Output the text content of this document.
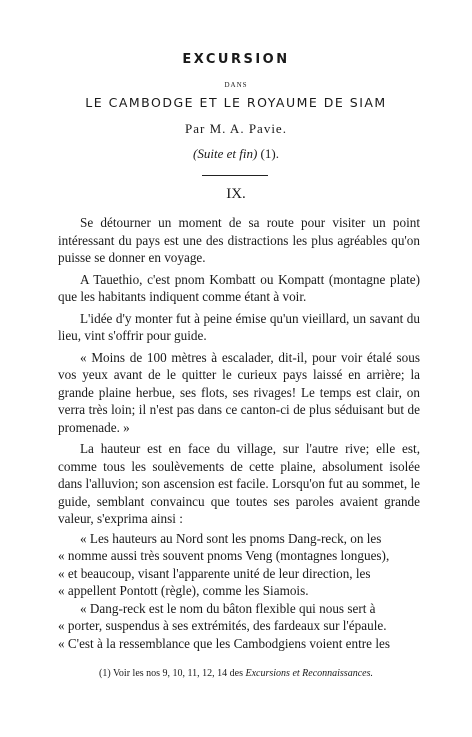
EXCURSION
DANS
LE CAMBODGE ET LE ROYAUME DE SIAM
Par M. A. Pavie.
(Suite et fin) (1).
IX.

Se détourner un moment de sa route pour visiter un point intéressant du pays est une des distractions les plus agréables qu'on puisse se donner en voyage.

A Tauethio, c'est pnom Kombatt ou Kompatt (montagne plate) que les habitants indiquent comme étant à voir.

L'idée d'y monter fut à peine émise qu'un vieillard, un savant du lieu, vint s'offrir pour guide.

« Moins de 100 mètres à escalader, dit-il, pour voir étalé sous vos yeux avant de le quitter le curieux pays laissé en arrière; la grande plaine herbue, ses flots, ses rivages! Le temps est clair, on verra très loin; il n'est pas dans ce canton-ci de plus séduisant but de promenade. »

La hauteur est en face du village, sur l'autre rive; elle est, comme tous les soulèvements de cette plaine, absolument isolée dans l'alluvion; son ascension est facile. Lorsqu'on fut au sommet, le guide, semblant convaincu que toutes ses paroles avaient grande valeur, s'exprima ainsi :

« Les hauteurs au Nord sont les pnoms Dang-reck, on les

« nomme aussi très souvent pnoms Veng (montagnes longues),

« et beaucoup, visant l'apparente unité de leur direction, les

« appellent Pontott (règle), comme les Siamois.

« Dang-reck est le nom du bâton flexible qui nous sert à

« porter, suspendus à ses extrémités, des fardeaux sur l'épaule.

« C'est à la ressemblance que les Cambodgiens voient entre les

(1) Voir les nos 9, 10, 11, 12, 14 des Excursions et Reconnaissances.
